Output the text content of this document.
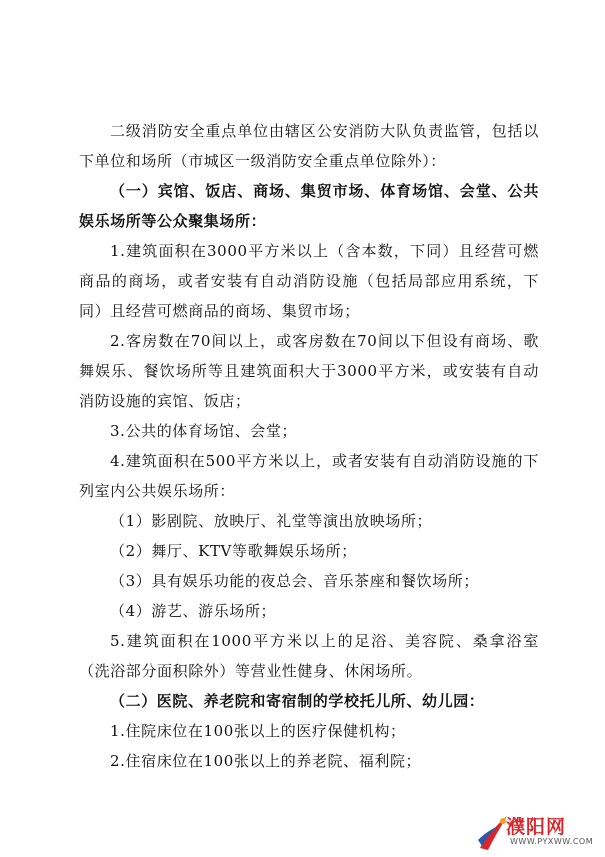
二级消防安全重点单位由辖区公安消防大队负责监管，包括以下单位和场所（市城区一级消防安全重点单位除外）：

（一）宾馆、饭店、商场、集贸市场、体育场馆、会堂、公共娱乐场所等公众聚集场所：

1.建筑面积在3000平方米以上（含本数，下同）且经营可燃商品的商场，或者安装有自动消防设施（包括局部应用系统，下同）且经营可燃商品的商场、集贸市场；

2.客房数在70间以上，或客房数在70间以下但设有商场、歌舞娱乐、餐饮场所等且建筑面积大于3000平方米，或安装有自动消防设施的宾馆、饭店；

3.公共的体育场馆、会堂；

4.建筑面积在500平方米以上，或者安装有自动消防设施的下列室内公共娱乐场所：

（1）影剧院、放映厅、礼堂等演出放映场所；

（2）舞厅、KTV等歌舞娱乐场所；

（3）具有娱乐功能的夜总会、音乐茶座和餐饮场所；

（4）游艺、游乐场所；

5.建筑面积在1000平方米以上的足浴、美容院、桑拿浴室（洗浴部分面积除外）等营业性健身、休闲场所。

（二）医院、养老院和寄宿制的学校托儿所、幼儿园：

1.住院床位在100张以上的医疗保健机构；

2.住宿床位在100张以上的养老院、福利院；

濮阳网
WWW.PYXWW.COM
